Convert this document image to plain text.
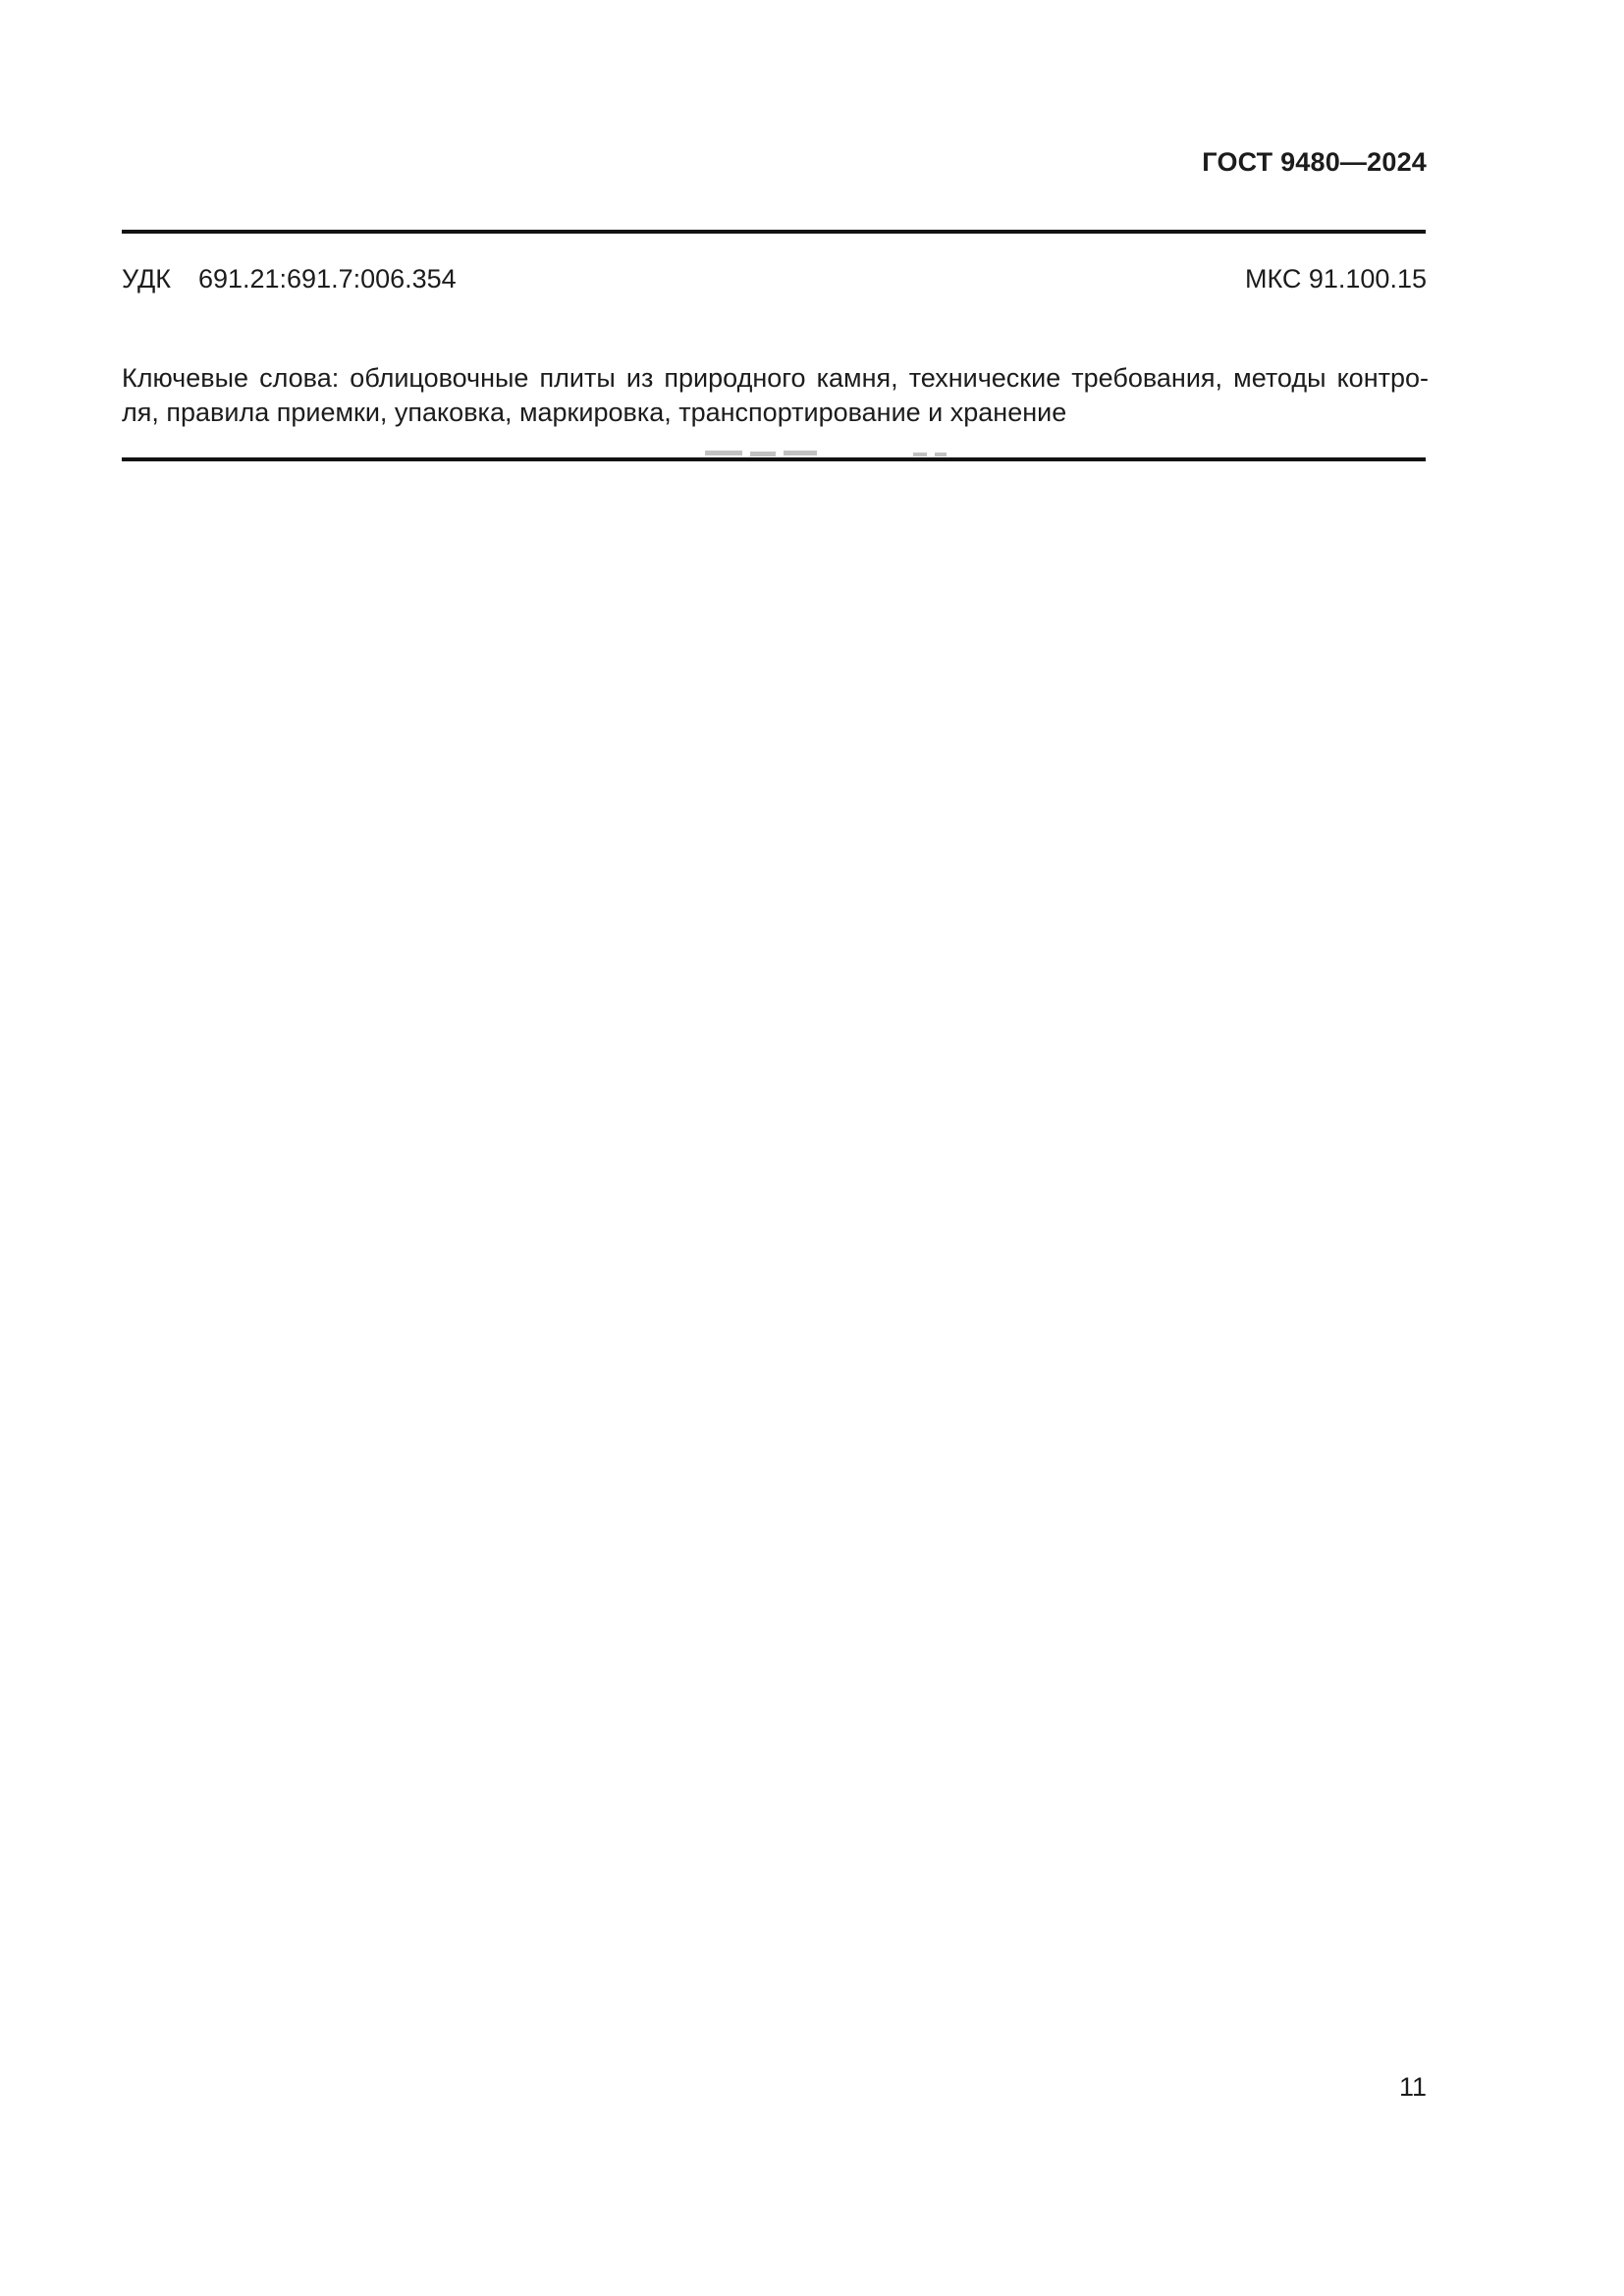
ГОСТ 9480—2024
УДК 691.21:691.7:006.354	МКС 91.100.15
Ключевые слова: облицовочные плиты из природного камня, технические требования, методы контро-
ля, правила приемки, упаковка, маркировка, транспортирование и хранение
11
